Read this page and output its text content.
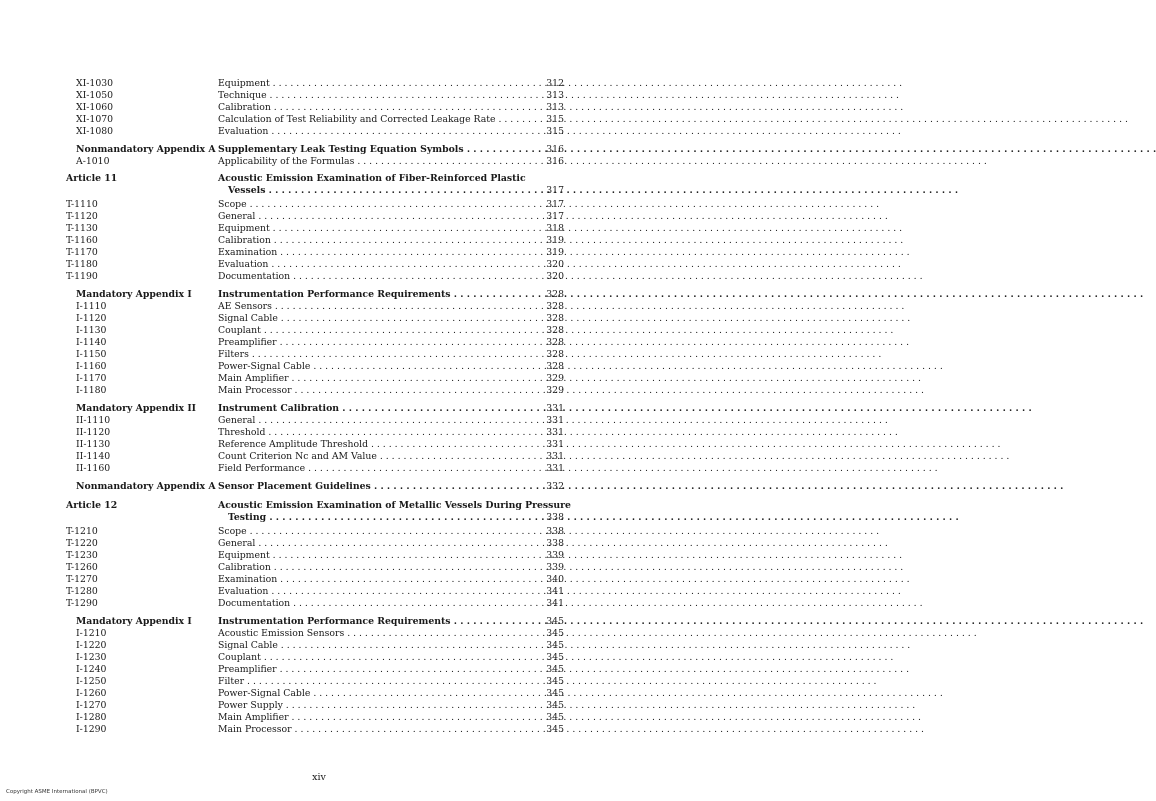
XI-1030	Equipment . . .	312
XI-1050	Technique . . .	313
XI-1060	Calibration . . .	313
XI-1070	Calculation of Test Reliability and Corrected Leakage Rate . . .	315
XI-1080	Evaluation . . .	315
Nonmandatory Appendix A Supplementary Leak Testing Equation Symbols . . .	316
A-1010	Applicability of the Formulas . . .	316
Article 11	Acoustic Emission Examination of Fiber-Reinforced Plastic
Vessels . . .	317
T-1110	Scope . . .	317
T-1120	General . . .	317
T-1130	Equipment . . .	318
T-1160	Calibration . . .	319
T-1170	Examination . . .	319
T-1180	Evaluation . . .	320
T-1190	Documentation . . .	320
Mandatory Appendix I	Instrumentation Performance Requirements . . .	328
I-1110	AE Sensors . . .	328
I-1120	Signal Cable . . .	328
I-1130	Couplant . . .	328
I-1140	Preamplifier . . .	328
I-1150	Filters . . .	328
I-1160	Power-Signal Cable . . .	328
I-1170	Main Amplifier . . .	329
I-1180	Main Processor . . .	329
Mandatory Appendix II Instrument Calibration . . .	331
II-1110	General . . .	331
II-1120	Threshold . . .	331
II-1130	Reference Amplitude Threshold . . .	331
II-1140	Count Criterion Nc and AM Value . . .	331
II-1160	Field Performance . . .	331
Nonmandatory Appendix A Sensor Placement Guidelines . . .	332
Article 12	Acoustic Emission Examination of Metallic Vessels During Pressure
Testing . . .	338
T-1210	Scope . . .	338
T-1220	General . . .	338
T-1230	Equipment . . .	339
T-1260	Calibration . . .	339
T-1270	Examination . . .	340
T-1280	Evaluation . . .	341
T-1290	Documentation . . .	341
Mandatory Appendix I	Instrumentation Performance Requirements . . .	345
I-1210	Acoustic Emission Sensors . . .	345
I-1220	Signal Cable . . .	345
I-1230	Couplant . . .	345
I-1240	Preamplifier . . .	345
I-1250	Filter . . .	345
I-1260	Power-Signal Cable . . .	345
I-1270	Power Supply . . .	345
I-1280	Main Amplifier . . .	345
I-1290	Main Processor . . .	345
xiv
Copyright ASME International (BPVC)
